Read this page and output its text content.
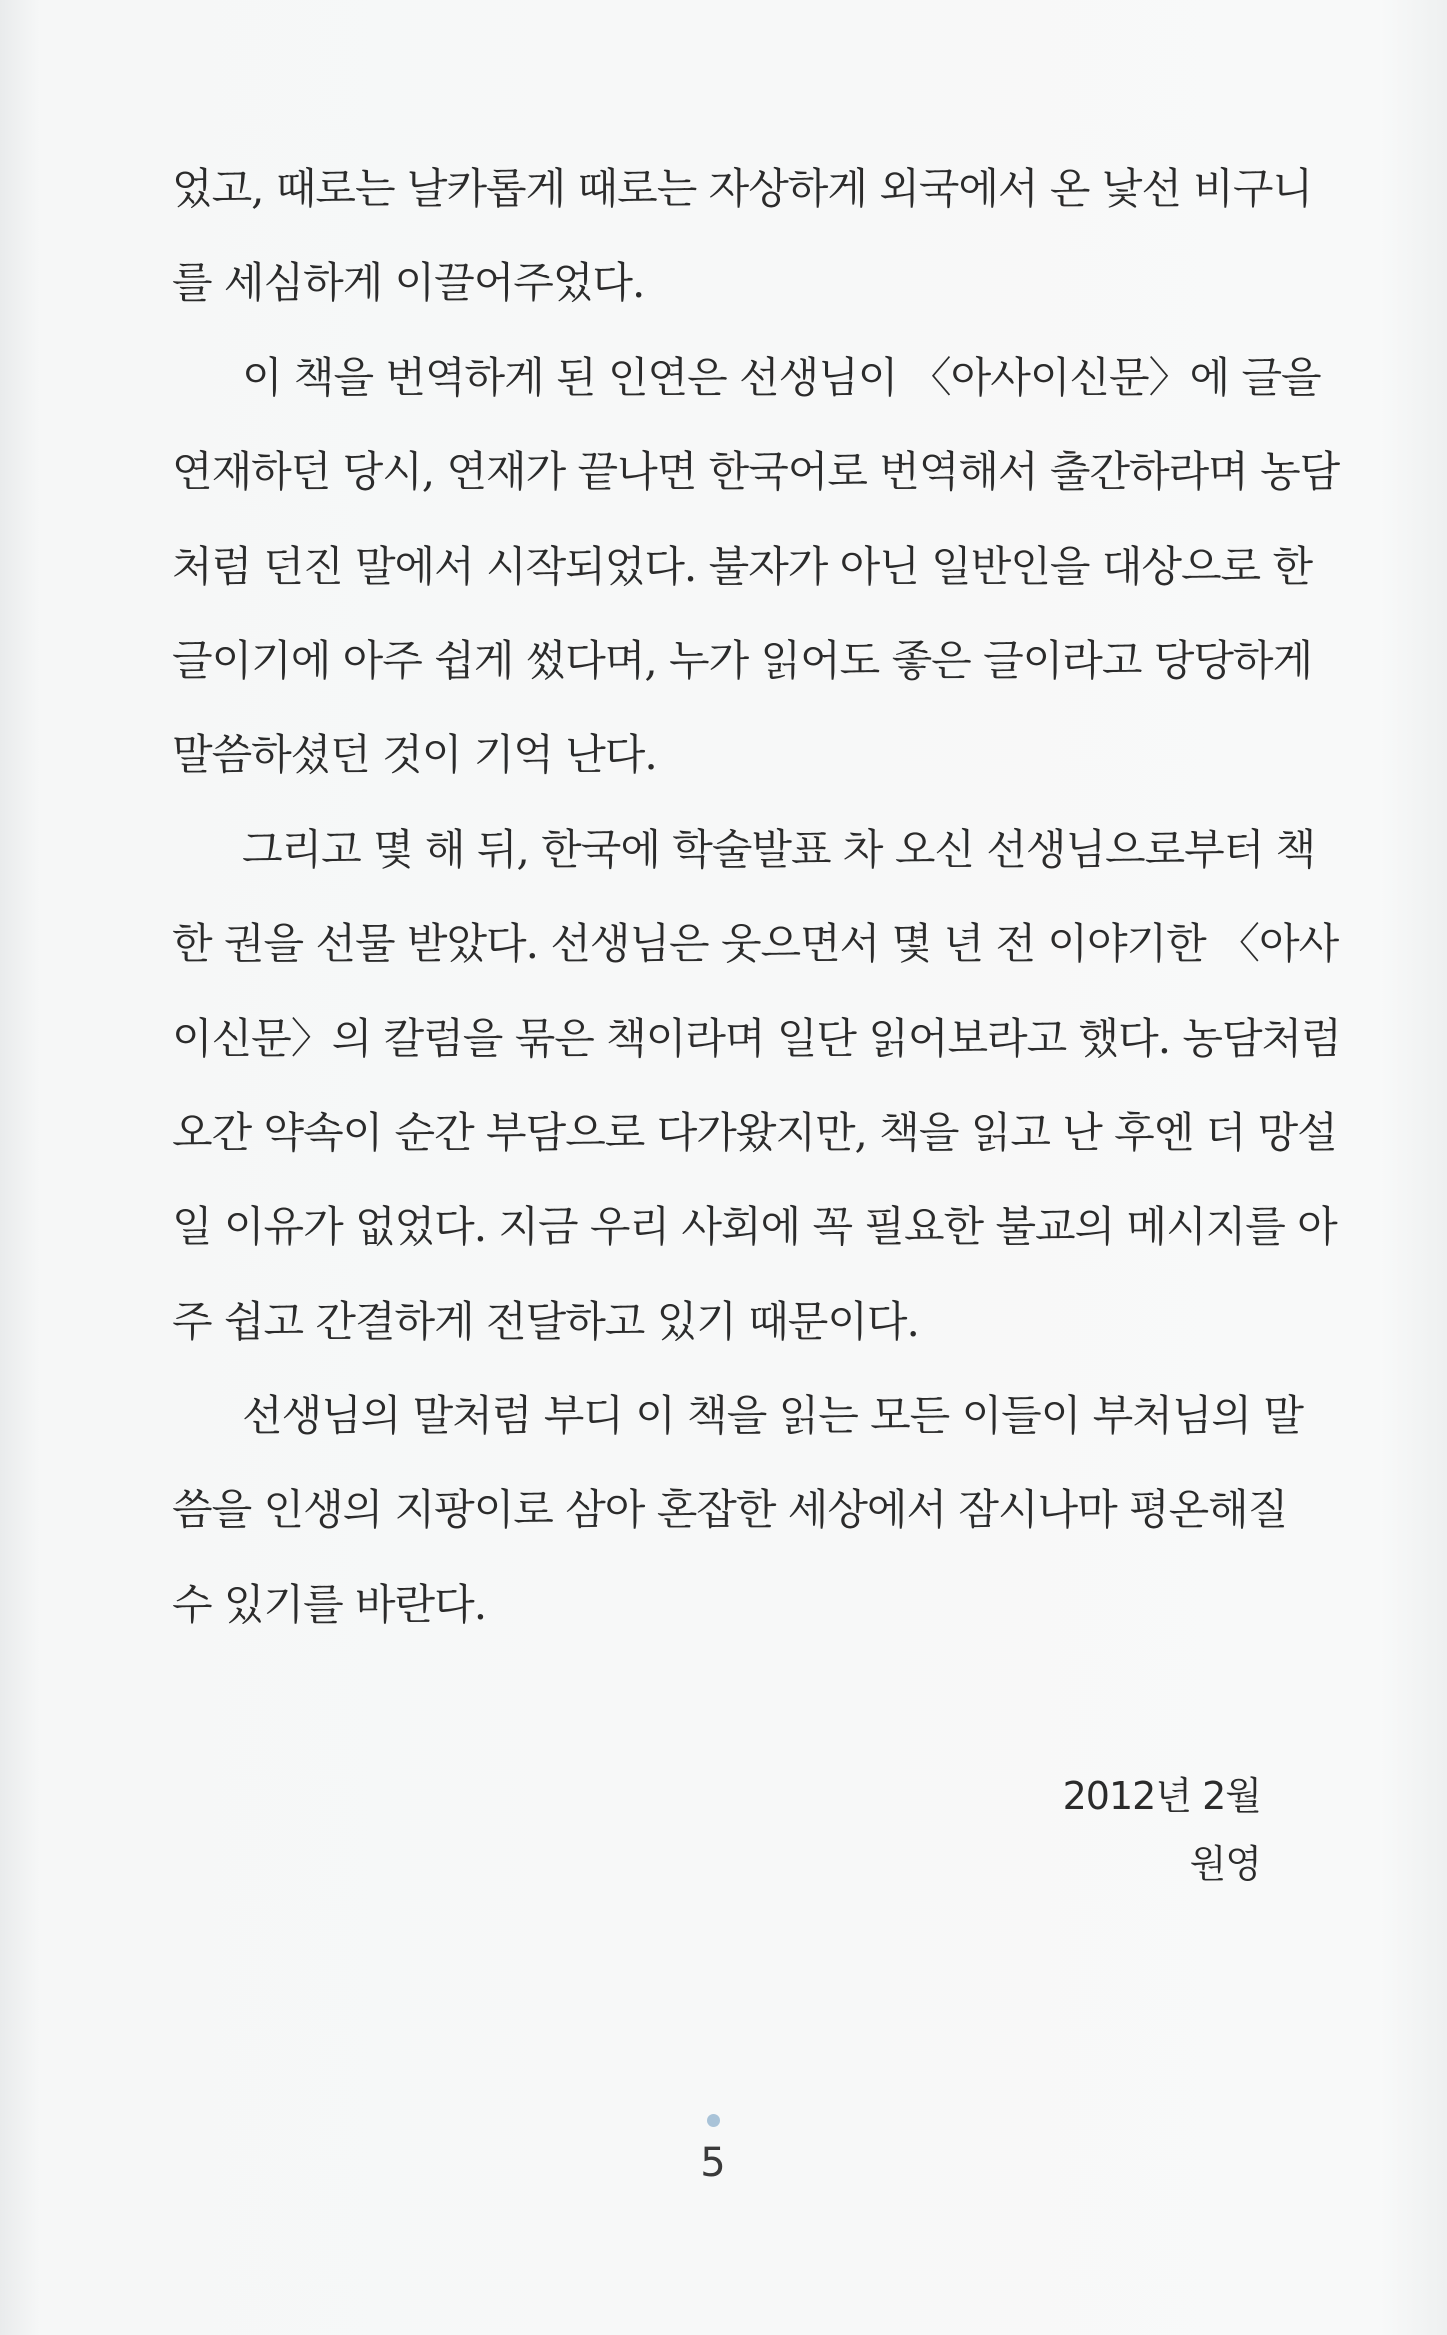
었고, 때로는 날카롭게 때로는 자상하게 외국에서 온 낯선 비구니
를 세심하게 이끌어주었다.
이 책을 번역하게 된 인연은 선생님이 〈아사이신문〉에 글을
연재하던 당시, 연재가 끝나면 한국어로 번역해서 출간하라며 농담
처럼 던진 말에서 시작되었다. 불자가 아닌 일반인을 대상으로 한
글이기에 아주 쉽게 썼다며, 누가 읽어도 좋은 글이라고 당당하게
말씀하셨던 것이 기억 난다.
그리고 몇 해 뒤, 한국에 학술발표 차 오신 선생님으로부터 책
한 권을 선물 받았다. 선생님은 웃으면서 몇 년 전 이야기한 〈아사
이신문〉의 칼럼을 묶은 책이라며 일단 읽어보라고 했다. 농담처럼
오간 약속이 순간 부담으로 다가왔지만, 책을 읽고 난 후엔 더 망설
일 이유가 없었다. 지금 우리 사회에 꼭 필요한 불교의 메시지를 아
주 쉽고 간결하게 전달하고 있기 때문이다.
선생님의 말처럼 부디 이 책을 읽는 모든 이들이 부처님의 말
씀을 인생의 지팡이로 삼아 혼잡한 세상에서 잠시나마 평온해질
수 있기를 바란다.
2012년 2월
원영
5
